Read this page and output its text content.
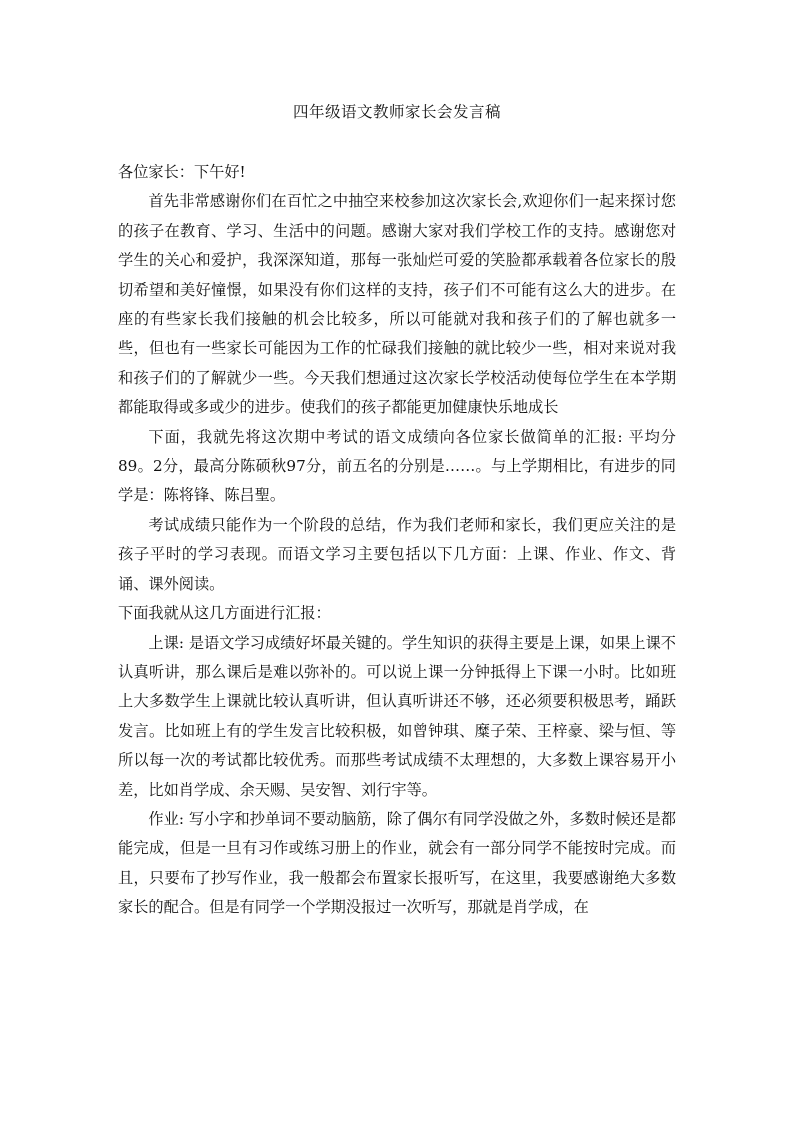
四年级语文教师家长会发言稿

各位家长：下午好!

首先非常感谢你们在百忙之中抽空来校参加这次家长会,欢迎你们一起来探讨您的孩子在教育、学习、生活中的问题。感谢大家对我们学校工作的支持。感谢您对学生的关心和爱护，我深深知道，那每一张灿烂可爱的笑脸都承载着各位家长的殷切希望和美好憧憬，如果没有你们这样的支持，孩子们不可能有这么大的进步。在座的有些家长我们接触的机会比较多，所以可能就对我和孩子们的了解也就多一些，但也有一些家长可能因为工作的忙碌我们接触的就比较少一些，相对来说对我和孩子们的了解就少一些。今天我们想通过这次家长学校活动使每位学生在本学期都能取得或多或少的进步。使我们的孩子都能更加健康快乐地成长

下面，我就先将这次期中考试的语文成绩向各位家长做简单的汇报: 平均分89。2分，最高分陈硕秋97分，前五名的分别是……。与上学期相比，有进步的同学是：陈将锋、陈吕聖。

考试成绩只能作为一个阶段的总结，作为我们老师和家长，我们更应关注的是孩子平时的学习表现。而语文学习主要包括以下几方面：上课、作业、作文、背诵、课外阅读。

下面我就从这几方面进行汇报：

上课: 是语文学习成绩好坏最关键的。学生知识的获得主要是上课，如果上课不认真听讲，那么课后是难以弥补的。可以说上课一分钟抵得上下课一小时。比如班上大多数学生上课就比较认真听讲，但认真听讲还不够，还必须要积极思考，踊跃发言。比如班上有的学生发言比较积极，如曾钟琪、糜子荣、王梓豪、梁与恒、等所以每一次的考试都比较优秀。而那些考试成绩不太理想的，大多数上课容易开小差，比如肖学成、余天赐、吴安智、刘行宇等。

作业: 写小字和抄单词不要动脑筋，除了偶尔有同学没做之外，多数时候还是都能完成，但是一旦有习作或练习册上的作业，就会有一部分同学不能按时完成。而且，只要布了抄写作业，我一般都会布置家长报听写，在这里，我要感谢绝大多数家长的配合。但是有同学一个学期没报过一次听写，那就是肖学成，在
